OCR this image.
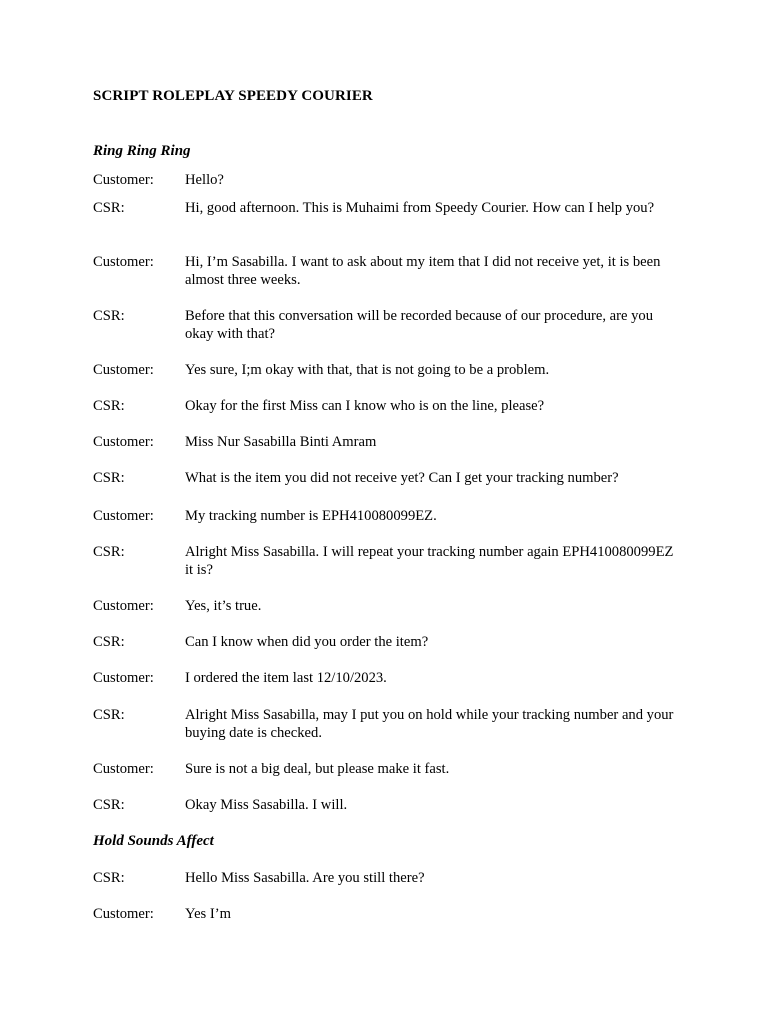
SCRIPT ROLEPLAY SPEEDY COURIER
Ring Ring Ring
Customer: Hello?
CSR:	Hi, good afternoon. This is Muhaimi from Speedy Courier. How can I help you?
Customer: Hi, I’m Sasabilla. I want to ask about my item that I did not receive yet, it is been almost three weeks.
CSR:	Before that this conversation will be recorded because of our procedure, are you okay with that?
Customer: Yes sure, I;m okay with that, that is not going to be a problem.
CSR:	Okay for the first Miss can I know who is on the line, please?
Customer: Miss Nur Sasabilla Binti Amram
CSR:	What is the item you did not receive yet? Can I get your tracking number?
Customer: My tracking number is EPH410080099EZ.
CSR:	Alright Miss Sasabilla. I will repeat your tracking number again EPH410080099EZ it is?
Customer: Yes, it’s true.
CSR:	Can I know when did you order the item?
Customer: I ordered the item last 12/10/2023.
CSR:	Alright Miss Sasabilla, may I put you on hold while your tracking number and your buying date is checked.
Customer: Sure is not a big deal, but please make it fast.
CSR:	Okay Miss Sasabilla. I will.
Hold Sounds Affect
CSR:	Hello Miss Sasabilla. Are you still there?
Customer: Yes I’m
